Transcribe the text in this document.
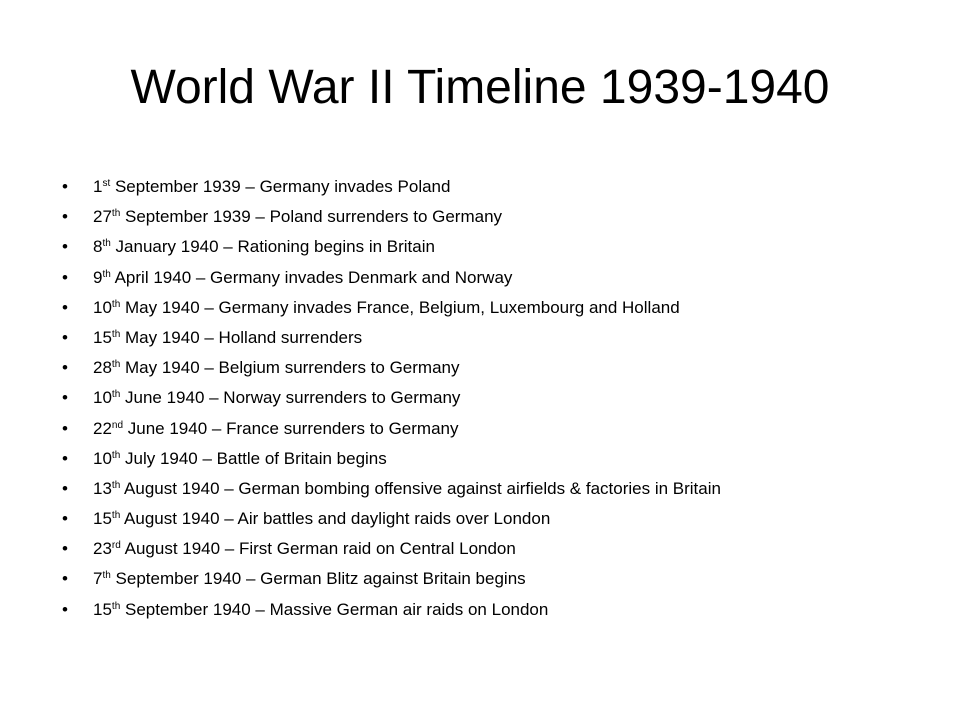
World War II Timeline 1939-1940
• 1st September 1939 – Germany invades Poland
• 27th September 1939 – Poland surrenders to Germany
• 8th January 1940 – Rationing begins in Britain
• 9th April 1940 – Germany invades Denmark and Norway
• 10th May 1940 – Germany invades France, Belgium, Luxembourg and Holland
• 15th May 1940 – Holland surrenders
• 28th May 1940 – Belgium surrenders to Germany
• 10th June 1940 – Norway surrenders to Germany
• 22nd June 1940 – France surrenders to Germany
• 10th July 1940 – Battle of Britain begins
• 13th August 1940 – German bombing offensive against airfields & factories in Britain
• 15th August 1940 – Air battles and daylight raids over London
• 23rd August 1940 – First German raid on Central London
• 7th September 1940 – German Blitz against Britain begins
• 15th September 1940 – Massive German air raids on London
